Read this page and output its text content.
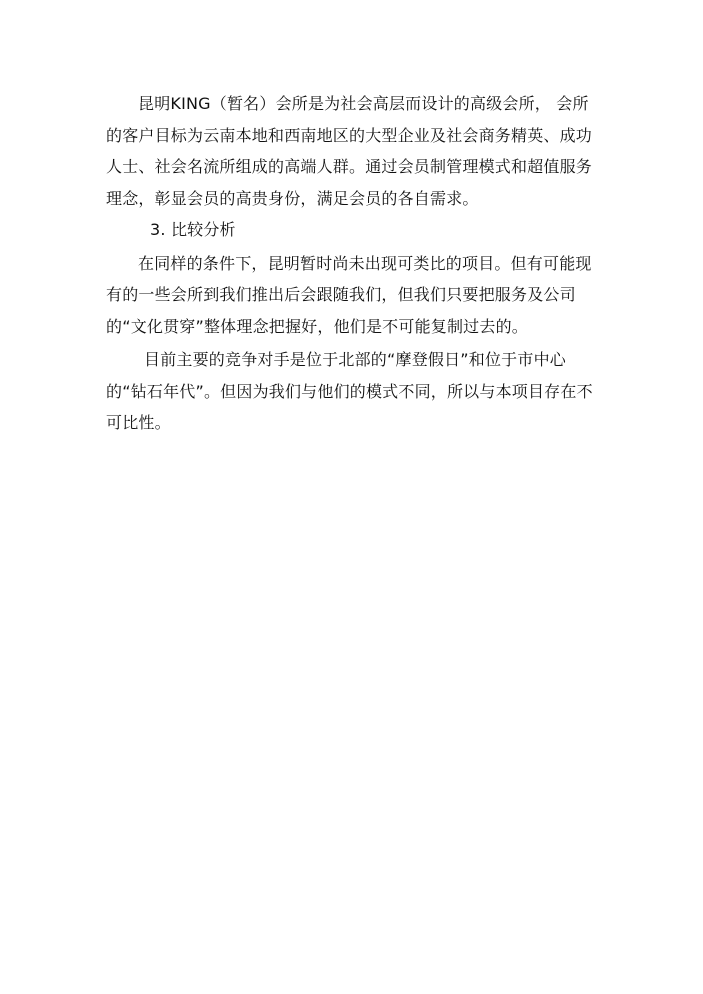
昆明KING（暂名）会所是为社会高层而设计的高级会所， 会所的客户目标为云南本地和西南地区的大型企业及社会商务精英、成功人士、社会名流所组成的高端人群。通过会员制管理模式和超值服务理念，彰显会员的高贵身份，满足会员的各自需求。

3. 比较分析

在同样的条件下，昆明暂时尚未出现可类比的项目。但有可能现有的一些会所到我们推出后会跟随我们，但我们只要把服务及公司的“文化贯穿”整体理念把握好，他们是不可能复制过去的。

目前主要的竞争对手是位于北部的“摩登假日”和位于市中心的“钻石年代”。但因为我们与他们的模式不同，所以与本项目存在不可比性。
